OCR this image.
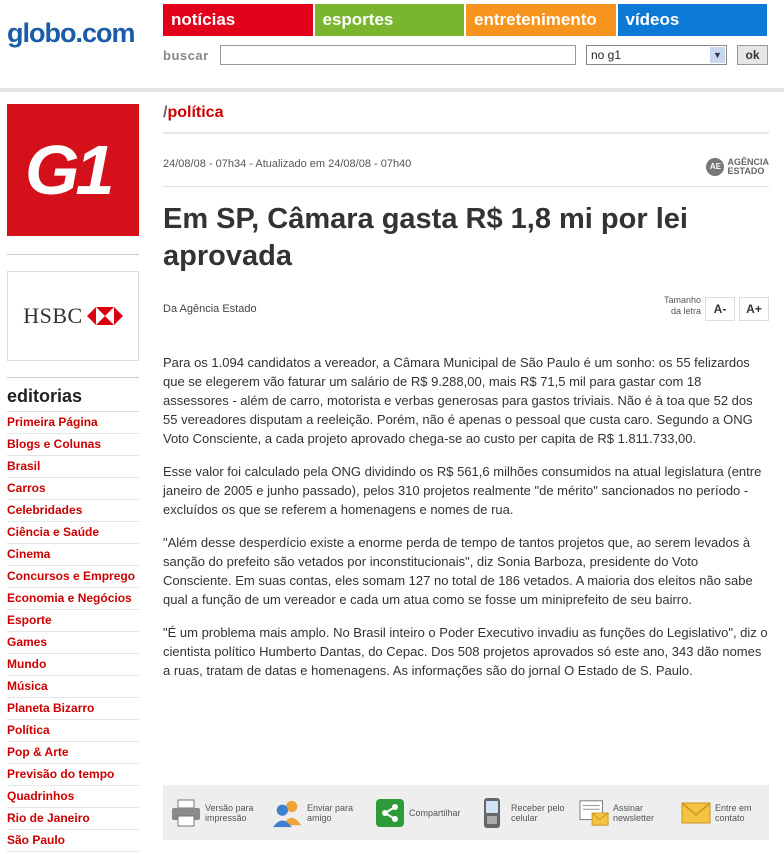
globo.com	notícias	esportes	entretenimento	vídeos
buscar	no g1	▼	ok
G1
HSBC
editorias
Primeira Página
Blogs e Colunas
Brasil
Carros
Celebridades
Ciência e Saúde
Cinema
Concursos e Emprego
Economia e Negócios
Esporte
Games
Mundo
Música
Planeta Bizarro
Política
Pop & Arte
Previsão do tempo
Quadrinhos
Rio de Janeiro
São Paulo
/política
24/08/08 - 07h34 - Atualizado em 24/08/08 - 07h40	AE AGÊNCIA
ESTADO
Em SP, Câmara gasta R$ 1,8 mi por lei aprovada
Da Agência Estado
Tamanho
da letra	A-	A+

Para os 1.094 candidatos a vereador, a Câmara Municipal de São Paulo é um sonho: os 55 felizardos que se elegerem vão faturar um salário de R$ 9.288,00, mais R$ 71,5 mil para gastar com 18 assessores - além de carro, motorista e verbas generosas para gastos triviais. Não é à toa que 52 dos 55 vereadores disputam a reeleição. Porém, não é apenas o pessoal que custa caro. Segundo a ONG Voto Consciente, a cada projeto aprovado chega-se ao custo per capita de R$ 1.811.733,00.

Esse valor foi calculado pela ONG dividindo os R$ 561,6 milhões consumidos na atual legislatura (entre janeiro de 2005 e junho passado), pelos 310 projetos realmente "de mérito" sancionados no período - excluídos os que se referem a homenagens e nomes de rua.

"Além desse desperdício existe a enorme perda de tempo de tantos projetos que, ao serem levados à sanção do prefeito são vetados por inconstitucionais", diz Sonia Barboza, presidente do Voto Consciente. Em suas contas, eles somam 127 no total de 186 vetados. A maioria dos eleitos não sabe qual a função de um vereador e cada um atua como se fosse um miniprefeito de seu bairro.

"É um problema mais amplo. No Brasil inteiro o Poder Executivo invadiu as funções do Legislativo", diz o cientista político Humberto Dantas, do Cepac. Dos 508 projetos aprovados só este ano, 343 dão nomes a ruas, tratam de datas e homenagens. As informações são do jornal O Estado de S. Paulo.

Versão para
impressão
Enviar para
amigo	Compartilhar	Receber pelo
celular
Assinar
newsletter
Entre em
contato
